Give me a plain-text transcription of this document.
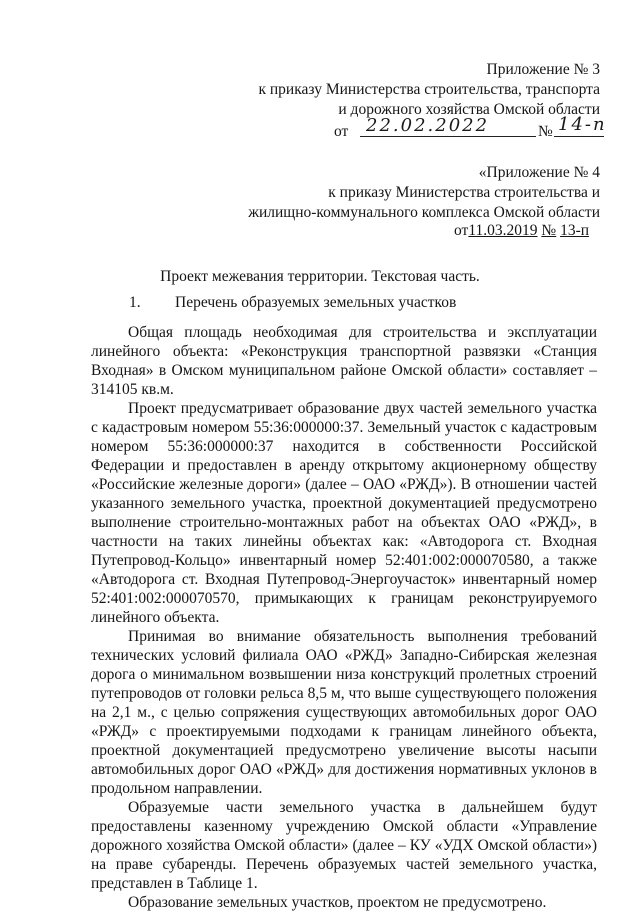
Приложение № 3
к приказу Министерства строительства, транспорта
и дорожного хозяйства Омской области
от 22.02.2022	№ 14-п
«Приложение № 4
к приказу Министерства строительства и
жилищно-коммунального комплекса Омской области
от11.03.2019 № 13-п
Проект межевания территории. Текстовая часть.
1. Перечень образуемых земельных участков

Общая площадь необходимая для строительства и эксплуатации линейного объекта: «Реконструкция транспортной развязки «Станция Входная» в Омском муниципальном районе Омской области» составляет – 314105 кв.м.

Проект предусматривает образование двух частей земельного участка с кадастровым номером 55:36:000000:37. Земельный участок с кадастровым номером 55:36:000000:37 находится в собственности Российской Федерации и предоставлен в аренду открытому акционерному обществу «Российские железные дороги» (далее – ОАО «РЖД»). В отношении частей указанного земельного участка, проектной документацией предусмотрено выполнение строительно-монтажных работ на объектах ОАО «РЖД», в частности на таких линейны объектах как: «Автодорога ст. Входная Путепровод-Кольцо» инвентарный номер 52:401:002:000070580, а также «Автодорога ст. Входная Путепровод-Энергоучасток» инвентарный номер 52:401:002:000070570, примыкающих к границам реконструируемого линейного объекта.

Принимая во внимание обязательность выполнения требований технических условий филиала ОАО «РЖД» Западно-Сибирская железная дорога о минимальном возвышении низа конструкций пролетных строений путепроводов от головки рельса 8,5 м, что выше существующего положения на 2,1 м., с целью сопряжения существующих автомобильных дорог ОАО «РЖД» с проектируемыми подходами к границам линейного объекта, проектной документацией предусмотрено увеличение высоты насыпи автомобильных дорог ОАО «РЖД» для достижения нормативных уклонов в продольном направлении.

Образуемые части земельного участка в дальнейшем будут предоставлены казенному учреждению Омской области «Управление дорожного хозяйства Омской области» (далее – КУ «УДХ Омской области») на праве субаренды. Перечень образуемых частей земельного участка, представлен в Таблице 1.

Образование земельных участков, проектом не предусмотрено.
